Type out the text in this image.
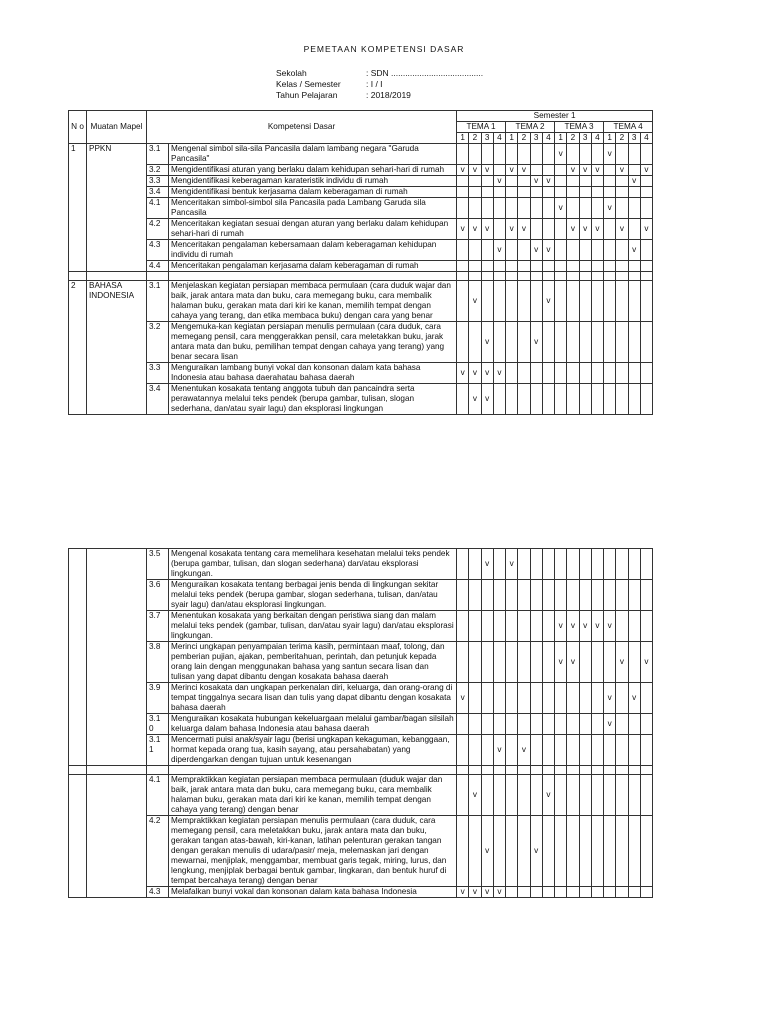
PEMETAAN KOMPETENSI DASAR
Sekolah	: SDN .......................................
Kelas / Semester	: I / I
Tahun Pelajaran	: 2018/2019
N o	Muatan Mapel	Kompetensi Dasar		Semester 1															
				TEMA 1				TEMA 2				TEMA 3				TEMA 4			
				1	2	3	4	1	2	3	4	1	2	3	4	1	2	3	4
1	PPKN	3.1	Mengenal simbol sila-sila Pancasila dalam lambang negara "Garuda Pancasila"									v				v			
		3.2	Mengidentifikasi aturan yang berlaku dalam kehidupan sehari-hari di rumah	v	v	v		v	v				v	v	v		v		v
		3.3	Mengidentifikasi keberagaman karateristik individu di rumah				v			v	v							v	
		3.4	Mengidentifikasi bentuk kerjasama dalam keberagaman di rumah																
		4.1	Menceritakan simbol-simbol sila Pancasila pada Lambang Garuda sila Pancasila									v				v			
		4.2	Menceritakan kegiatan sesuai dengan aturan yang berlaku dalam kehidupan sehari-hari di rumah	v	v	v		v	v				v	v	v		v		v
		4.3	Menceritakan pengalaman kebersamaan dalam keberagaman kehidupan individu di rumah				v			v	v							v	
		4.4	Menceritakan pengalaman kerjasama dalam keberagaman di rumah																

2	BAHASA INDONESIA	3.1	Menjelaskan kegiatan persiapan membaca permulaan (cara duduk wajar dan baik, jarak antara mata dan buku, cara memegang buku, cara membalik halaman buku, gerakan mata dari kiri ke kanan, memilih tempat dengan cahaya yang terang, dan etika membaca buku) dengan cara yang benar		v						v								
		3.2	Mengemuka-kan kegiatan persiapan menulis permulaan (cara duduk, cara memegang pensil, cara menggerakkan pensil, cara meletakkan buku, jarak antara mata dan buku, pemilihan tempat dengan cahaya yang terang) yang benar secara lisan			v				v									
		3.3	Menguraikan lambang bunyi vokal dan konsonan dalam kata bahasa Indonesia atau bahasa daerahatau bahasa daerah	v	v	v	v												
		3.4	Menentukan kosakata tentang anggota tubuh dan pancaindra serta perawatannya melalui teks pendek (berupa gambar, tulisan, slogan sederhana, dan/atau syair lagu) dan eksplorasi lingkungan		v	v													
		3.5	Mengenal kosakata tentang cara memelihara kesehatan melalui teks pendek (berupa gambar, tulisan, dan slogan sederhana) dan/atau eksplorasi lingkungan.			v		v											
		3.6	Menguraikan kosakata tentang berbagai jenis benda di lingkungan sekitar melalui teks pendek (berupa gambar, slogan sederhana, tulisan, dan/atau syair lagu) dan/atau eksplorasi lingkungan.																
		3.7	Menentukan kosakata yang berkaitan dengan peristiwa siang dan malam melalui teks pendek (gambar, tulisan, dan/atau syair lagu) dan/atau eksplorasi lingkungan.									v	v	v	v	v			
		3.8	Merinci ungkapan penyampaian terima kasih, permintaan maaf, tolong, dan pemberian pujian, ajakan, pemberitahuan, perintah, dan petunjuk kepada orang lain dengan menggunakan bahasa yang santun secara lisan dan tulisan yang dapat dibantu dengan kosakata bahasa daerah									v	v				v		v
		3.9	Merinci kosakata dan ungkapan perkenalan diri, keluarga, dan orang-orang di tempat tinggalnya secara lisan dan tulis yang dapat dibantu dengan kosakata bahasa daerah	v												v		v	
		3.1 0	Menguraikan kosakata hubungan kekeluargaan melalui gambar/bagan silsilah keluarga dalam bahasa Indonesia atau bahasa daerah													v			
		3.1 1	Mencermati puisi anak/syair lagu (berisi ungkapan kekaguman, kebanggaan, hormat kepada orang tua, kasih sayang, atau persahabatan) yang diperdengarkan dengan tujuan untuk kesenangan				v		v										

		4.1	Mempraktikkan kegiatan persiapan membaca permulaan (duduk wajar dan baik, jarak antara mata dan buku, cara memegang buku, cara membalik halaman buku, gerakan mata dari kiri ke kanan, memilih tempat dengan cahaya yang terang) dengan benar		v						v								
		4.2	Mempraktikkan kegiatan persiapan menulis permulaan (cara duduk, cara memegang pensil, cara meletakkan buku, jarak antara mata dan buku, gerakan tangan atas-bawah, kiri-kanan, latihan pelenturan gerakan tangan dengan gerakan menulis di udara/pasir/ meja, melemaskan jari dengan mewarnai, menjiplak, menggambar, membuat garis tegak, miring, lurus, dan lengkung, menjiplak berbagai bentuk gambar, lingkaran, dan bentuk huruf di tempat bercahaya terang) dengan benar			v				v									
		4.3	Melafalkan bunyi vokal dan konsonan dalam kata bahasa Indonesia	v	v	v	v												
